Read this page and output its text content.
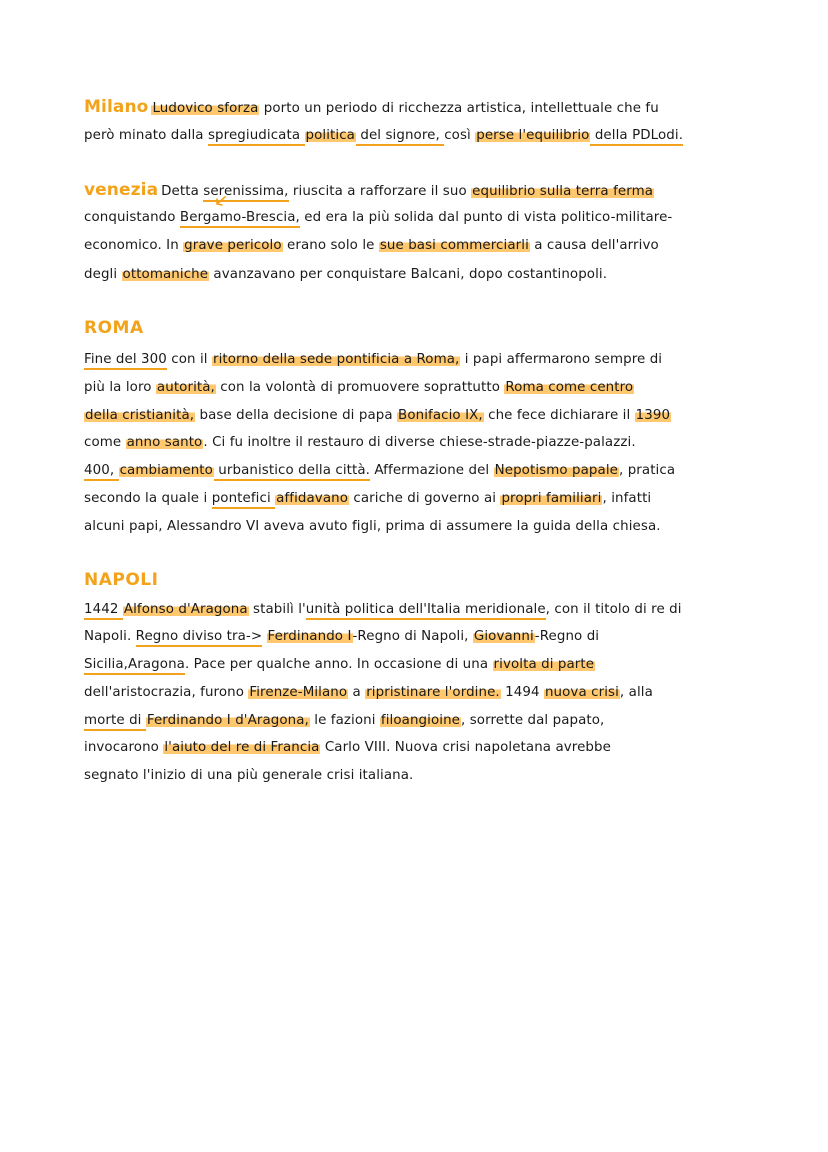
Milano Ludovico sforza porto un periodo di ricchezza artistica, intellettuale che fu
però minato dalla spregiudicata politica del signore, così perse l'equilibrio della PDLodi.
venezia Detta serenissima, riuscita a rafforzare il suo equilibrio sulla terra ferma
conquistando Bergamo-Brescia, ed era la più solida dal punto di vista politico-militare-
economico. In grave pericolo erano solo le sue basi commerciarli a causa dell'arrivo
degli ottomaniche avanzavano per conquistare Balcani, dopo costantinopoli.
ROMA
Fine del 300 con il ritorno della sede pontificia a Roma, i papi affermarono sempre di
più la loro autorità, con la volontà di promuovere soprattutto Roma come centro
della cristianità, base della decisione di papa Bonifacio IX, che fece dichiarare il 1390
come anno santo. Ci fu inoltre il restauro di diverse chiese-strade-piazze-palazzi.
400, cambiamento urbanistico della città. Affermazione del Nepotismo papale, pratica
secondo la quale i pontefici affidavano cariche di governo ai propri familiari, infatti
alcuni papi, Alessandro VI aveva avuto figli, prima di assumere la guida della chiesa.
NAPOLI
1442 Alfonso d'Aragona stabilì l'unità politica dell'Italia meridionale, con il titolo di re di
Napoli. Regno diviso tra-> Ferdinando I-Regno di Napoli, Giovanni-Regno di
Sicilia,Aragona. Pace per qualche anno. In occasione di una rivolta di parte
dell'aristocrazia, furono Firenze-Milano a ripristinare l'ordine. 1494 nuova crisi, alla
morte di Ferdinando I d'Aragona, le fazioni filoangioine, sorrette dal papato,
invocarono l'aiuto del re di Francia Carlo VIII. Nuova crisi napoletana avrebbe
segnato l'inizio di una più generale crisi italiana.
